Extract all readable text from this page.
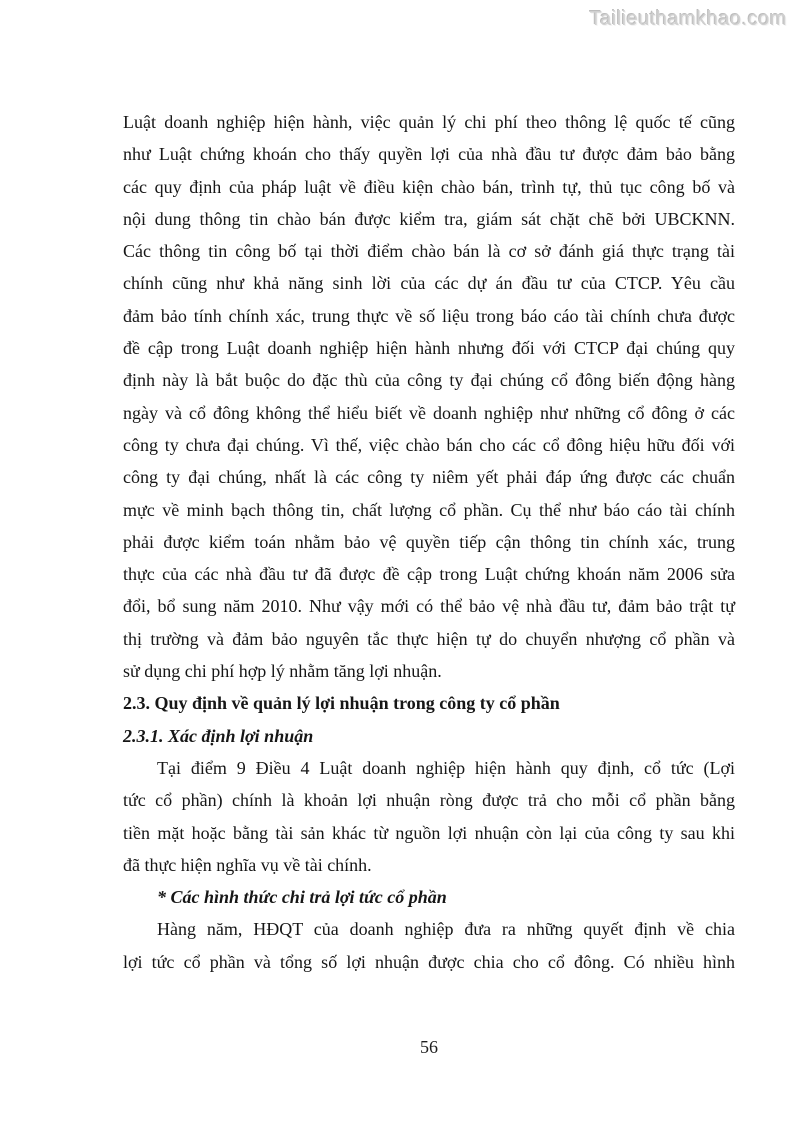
Tailieuthamkhao.com
Luật doanh nghiệp hiện hành, việc quản lý chi phí theo thông lệ quốc tế cũng
như Luật chứng khoán cho thấy quyền lợi của nhà đầu tư được đảm bảo bằng
các quy định của pháp luật về điều kiện chào bán, trình tự, thủ tục công bố và
nội dung thông tin chào bán được kiểm tra, giám sát chặt chẽ bởi UBCKNN.
Các thông tin công bố tại thời điểm chào bán là cơ sở đánh giá thực trạng tài
chính cũng như khả năng sinh lời của các dự án đầu tư của CTCP. Yêu cầu
đảm bảo tính chính xác, trung thực về số liệu trong báo cáo tài chính chưa được
đề cập trong Luật doanh nghiệp hiện hành nhưng đối với CTCP đại chúng quy
định này là bắt buộc do đặc thù của công ty đại chúng cổ đông biến động hàng
ngày và cổ đông không thể hiểu biết về doanh nghiệp như những cổ đông ở các
công ty chưa đại chúng. Vì thế, việc chào bán cho các cổ đông hiệu hữu đối với
công ty đại chúng, nhất là các công ty niêm yết phải đáp ứng được các chuẩn
mực về minh bạch thông tin, chất lượng cổ phần. Cụ thể như báo cáo tài chính
phải được kiểm toán nhằm bảo vệ quyền tiếp cận thông tin chính xác, trung
thực của các nhà đầu tư đã được đề cập trong Luật chứng khoán năm 2006 sửa
đổi, bổ sung năm 2010. Như vậy mới có thể bảo vệ nhà đầu tư, đảm bảo trật tự
thị trường và đảm bảo nguyên tắc thực hiện tự do chuyển nhượng cổ phần và
sử dụng chi phí hợp lý nhằm tăng lợi nhuận.
2.3. Quy định về quản lý lợi nhuận trong công ty cổ phần
2.3.1. Xác định lợi nhuận
Tại điểm 9 Điều 4 Luật doanh nghiệp hiện hành quy định, cổ tức (Lợi
tức cổ phần) chính là khoản lợi nhuận ròng được trả cho mỗi cổ phần bằng
tiền mặt hoặc bằng tài sản khác từ nguồn lợi nhuận còn lại của công ty sau khi
đã thực hiện nghĩa vụ về tài chính.
* Các hình thức chi trả lợi tức cổ phần
Hàng năm, HĐQT của doanh nghiệp đưa ra những quyết định về chia
lợi tức cổ phần và tổng số lợi nhuận được chia cho cổ đông. Có nhiều hình
56
